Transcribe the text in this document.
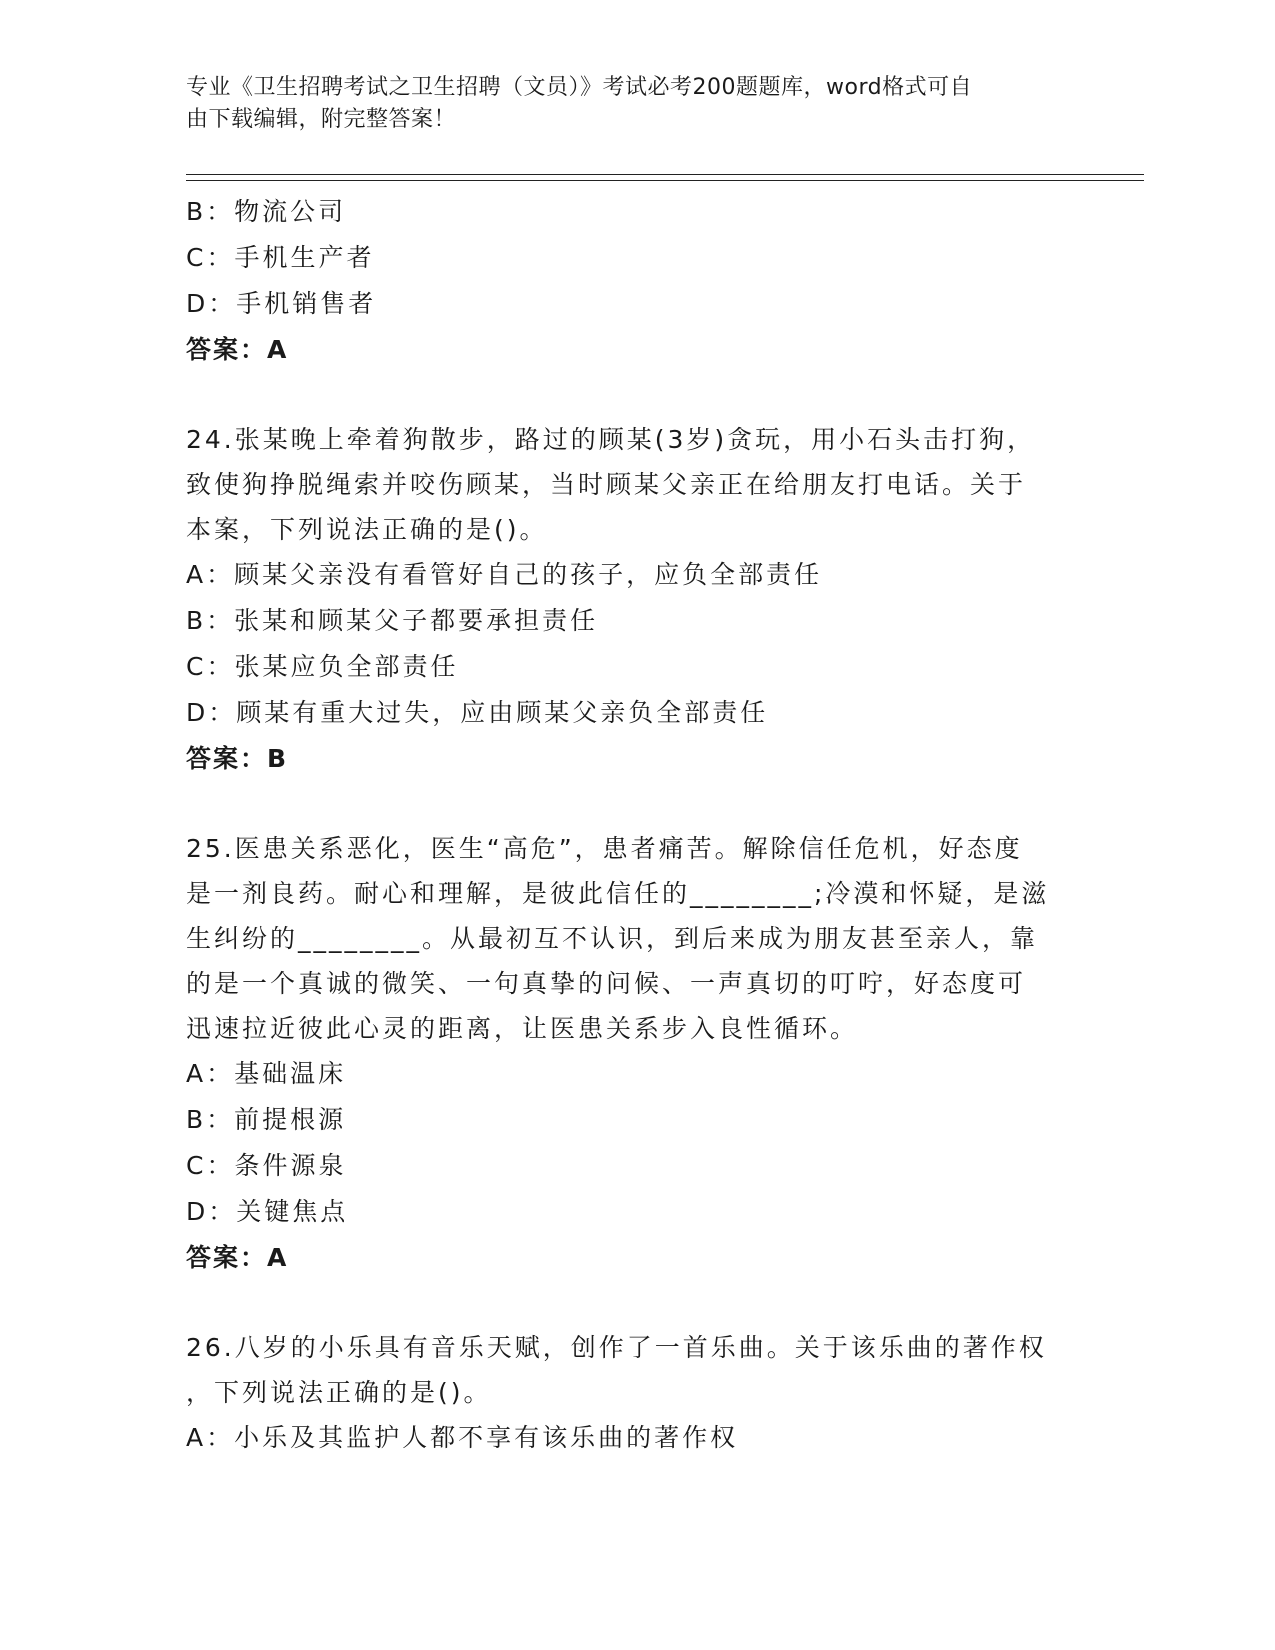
专业《卫生招聘考试之卫生招聘（文员）》考试必考200题题库，word格式可自
由下载编辑，附完整答案！
B：物流公司
C：手机生产者
D：手机销售者
答案：A
24.张某晚上牵着狗散步，路过的顾某(3岁)贪玩，用小石头击打狗，
致使狗挣脱绳索并咬伤顾某，当时顾某父亲正在给朋友打电话。关于
本案，下列说法正确的是()。
A：顾某父亲没有看管好自己的孩子，应负全部责任
B：张某和顾某父子都要承担责任
C：张某应负全部责任
D：顾某有重大过失，应由顾某父亲负全部责任
答案：B
25.医患关系恶化，医生“高危”，患者痛苦。解除信任危机，好态度
是一剂良药。耐心和理解，是彼此信任的________;冷漠和怀疑，是滋
生纠纷的________。从最初互不认识，到后来成为朋友甚至亲人，靠
的是一个真诚的微笑、一句真挚的问候、一声真切的叮咛，好态度可
迅速拉近彼此心灵的距离，让医患关系步入良性循环。
A：基础温床
B：前提根源
C：条件源泉
D：关键焦点
答案：A
26.八岁的小乐具有音乐天赋，创作了一首乐曲。关于该乐曲的著作权
，下列说法正确的是()。
A：小乐及其监护人都不享有该乐曲的著作权
